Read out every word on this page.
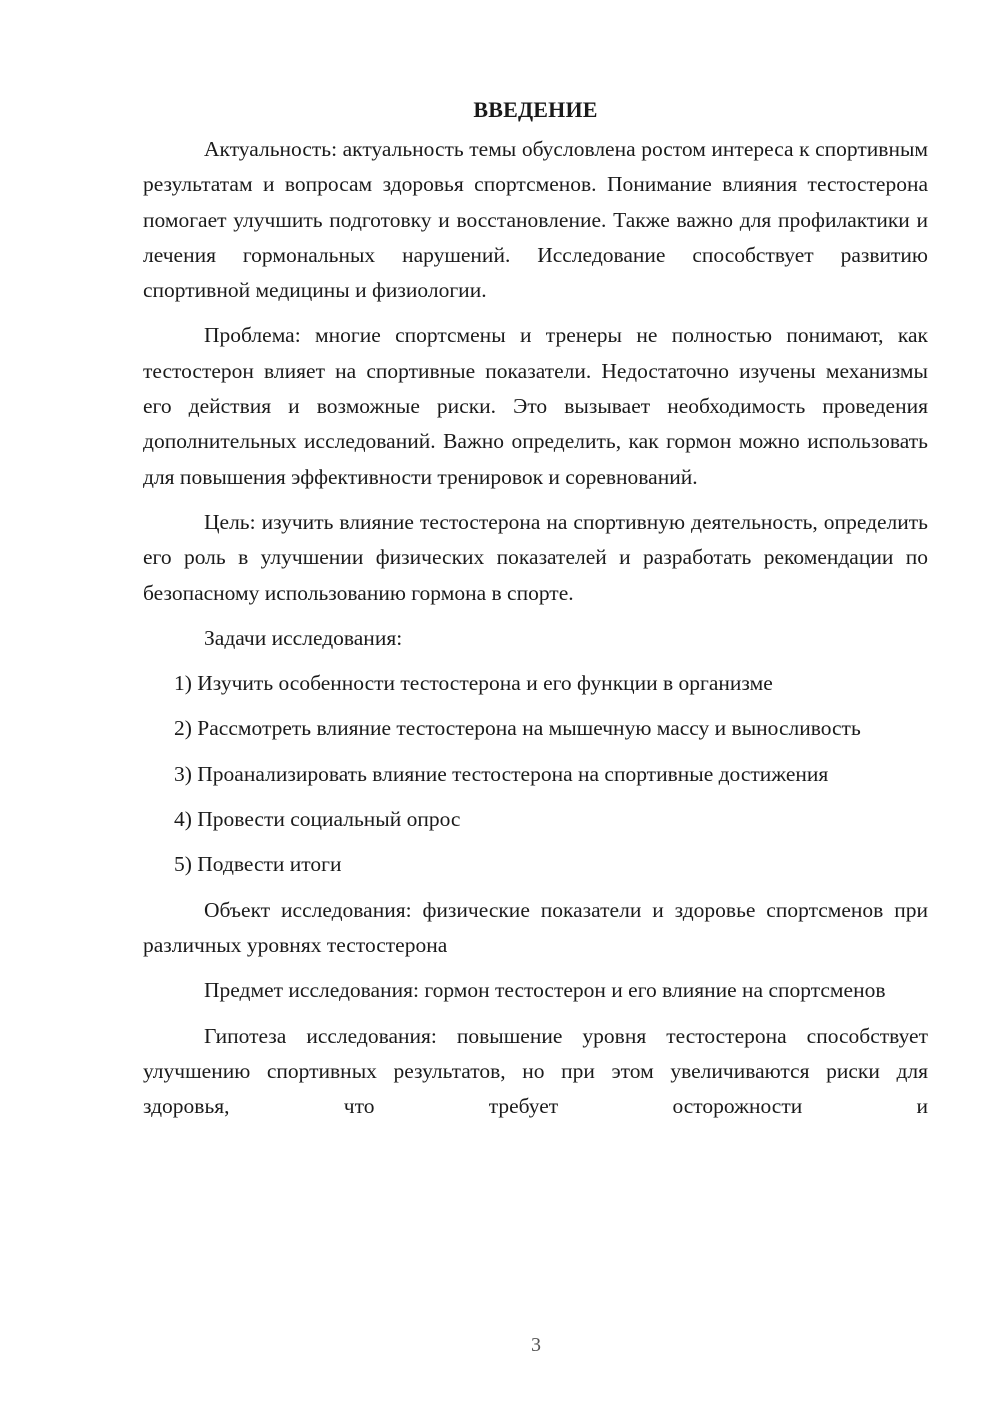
ВВЕДЕНИЕ

Актуальность: актуальность темы обусловлена ростом интереса к спортивным результатам и вопросам здоровья спортсменов. Понимание влияния тестостерона помогает улучшить подготовку и восстановление. Также важно для профилактики и лечения гормональных нарушений. Исследование способствует развитию спортивной медицины и физиологии.

Проблема: многие спортсмены и тренеры не полностью понимают, как тестостерон влияет на спортивные показатели. Недостаточно изучены механизмы его действия и возможные риски. Это вызывает необходимость проведения дополнительных исследований. Важно определить, как гормон можно использовать для повышения эффективности тренировок и соревнований.

Цель: изучить влияние тестостерона на спортивную деятельность, определить его роль в улучшении физических показателей и разработать рекомендации по безопасному использованию гормона в спорте.

Задачи исследования:

1) Изучить особенности тестостерона и его функции в организме

2) Рассмотреть влияние тестостерона на мышечную массу и выносливость

3) Проанализировать влияние тестостерона на спортивные достижения

4) Провести социальный опрос

5) Подвести итоги

Объект исследования: физические показатели и здоровье спортсменов при различных уровнях тестостерона

Предмет исследования: гормон тестостерон и его влияние на спортсменов

Гипотеза исследования: повышение уровня тестостерона способствует улучшению спортивных результатов, но при этом увеличиваются риски для здоровья, что требует осторожности и

3
